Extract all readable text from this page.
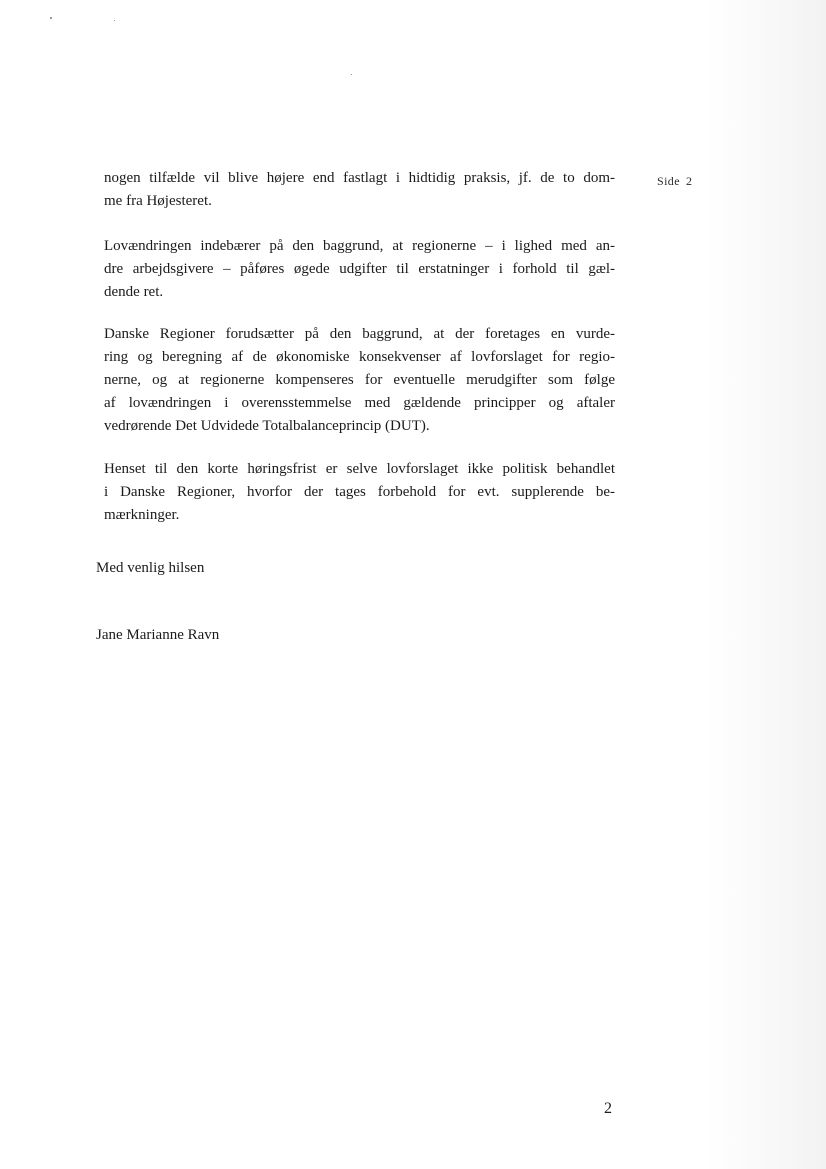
Side 2
nogen tilfælde vil blive højere end fastlagt i hidtidig praksis, jf. de to dom-
me fra Højesteret.
Lovændringen indebærer på den baggrund, at regionerne – i lighed med an-
dre arbejdsgivere – påføres øgede udgifter til erstatninger i forhold til gæl-
dende ret.
Danske Regioner forudsætter på den baggrund, at der foretages en vurde-
ring og beregning af de økonomiske konsekvenser af lovforslaget for regio-
nerne, og at regionerne kompenseres for eventuelle merudgifter som følge
af lovændringen i overensstemmelse med gældende principper og aftaler
vedrørende Det Udvidede Totalbalanceprincip (DUT).
Henset til den korte høringsfrist er selve lovforslaget ikke politisk behandlet
i Danske Regioner, hvorfor der tages forbehold for evt. supplerende be-
mærkninger.

Med venlig hilsen

Jane Marianne Ravn

2
